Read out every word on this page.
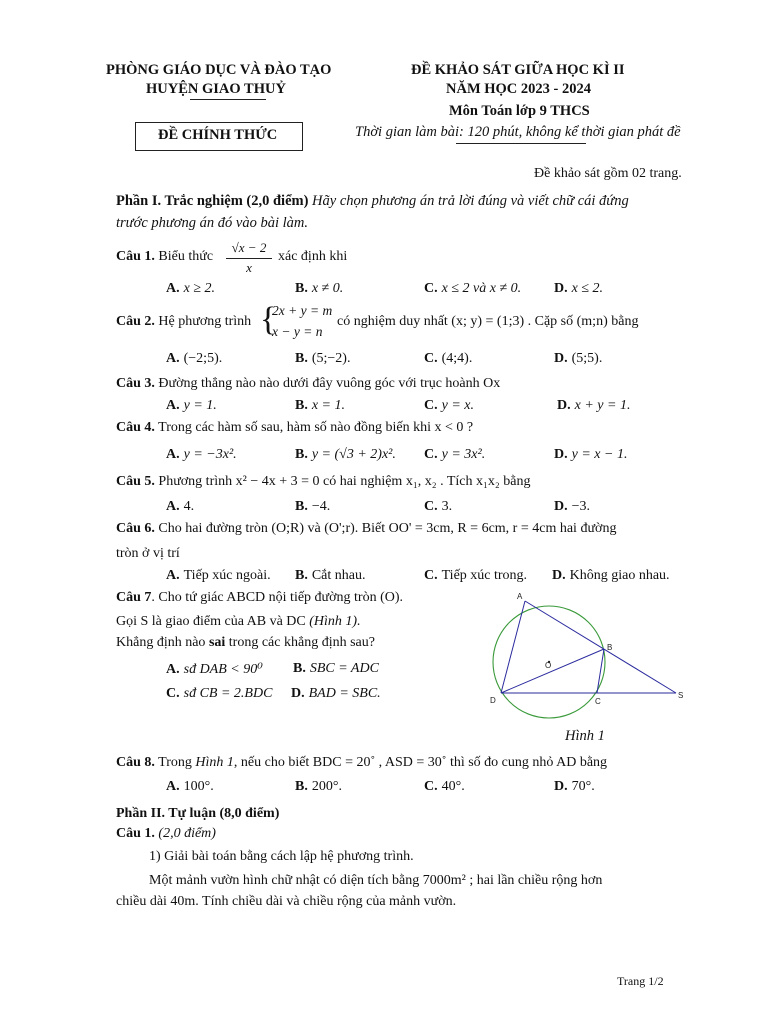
PHÒNG GIÁO DỤC VÀ ĐÀO TẠO
HUYỆN GIAO THUỶ
ĐỀ CHÍNH THỨC
ĐỀ KHẢO SÁT GIỮA HỌC KÌ II
NĂM HỌC 2023 - 2024
Môn Toán lớp 9 THCS
Thời gian làm bài: 120 phút, không kể thời gian phát đề
Đề khảo sát gồm 02 trang.
Phần I. Trắc nghiệm (2,0 điểm) Hãy chọn phương án trả lời đúng và viết chữ cái đứng
trước phương án đó vào bài làm.
Câu 1. Biểu thức
√x − 2
x
xác định khi
A. x ≥ 2.	B. x ≠ 0.	C. x ≤ 2 và x ≠ 0. D. x ≤ 2.
Câu 2. Hệ phương trình {
2x + y = m
x − y = n
có nghiệm duy nhất (x; y) = (1;3) . Cặp số (m;n) bằng
A. (−2;5).	B. (5;−2).	C. (4;4).	D. (5;5).
Câu 3. Đường thẳng nào nào dưới đây vuông góc với trục hoành Ox
A. y = 1.	B. x = 1.	C. y = x.	D. x + y = 1.
Câu 4. Trong các hàm số sau, hàm số nào đồng biến khi x < 0 ?
A. y = −3x².	B. y = (√3 + 2)x². C. y = 3x².	D. y = x − 1.
Câu 5. Phương trình x² − 4x + 3 = 0 có hai nghiệm x₁, x₂ . Tích x₁x₂ bằng
A. 4.	B. −4.	C. 3.	D. −3.
Câu 6. Cho hai đường tròn (O;R) và (O';r). Biết OO' = 3cm, R = 6cm, r = 4cm hai đường
tròn ở vị trí
A. Tiếp xúc ngoài. B. Cắt nhau.	C. Tiếp xúc trong. D. Không giao nhau.
Câu 7. Cho tứ giác ABCD nội tiếp đường tròn (O).
Gọi S là giao điểm của AB và DC (Hình 1).
Khẳng định nào sai trong các khẳng định sau?
A. sđ DAB < 90⁰ B. SBC = ADC
C. sđ CB = 2.BDC D. BAD = SBC.
A
B
C
D
S
O
Hình 1
Câu 8. Trong Hình 1, nếu cho biết BDC = 20˚ , ASD = 30˚ thì số đo cung nhỏ AD bằng
A. 100°.	B. 200°.	C. 40°.	D. 70°.
Phần II. Tự luận (8,0 điểm)
Câu 1. (2,0 điểm)
1) Giải bài toán bằng cách lập hệ phương trình.
Một mảnh vườn hình chữ nhật có diện tích bằng 7000m² ; hai lần chiều rộng hơn
chiều dài 40m. Tính chiều dài và chiều rộng của mảnh vườn.
Trang 1/2
